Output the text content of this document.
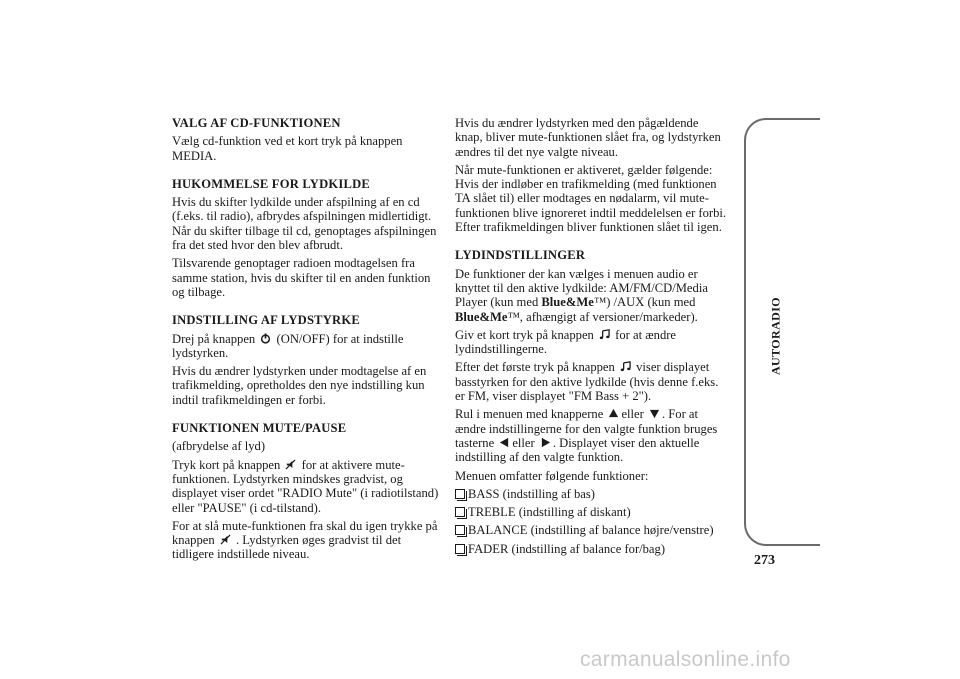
VALG AF CD-FUNKTIONEN
Vælg cd-funktion ved et kort tryk på knappen MEDIA.
HUKOMMELSE FOR LYDKILDE
Hvis du skifter lydkilde under afspilning af en cd (f.eks. til radio), afbrydes afspilningen midlertidigt. Når du skifter tilbage til cd, genoptages afspilningen fra det sted hvor den blev afbrudt.
Tilsvarende genoptager radioen modtagelsen fra samme station, hvis du skifter til en anden funktion og tilbage.
INDSTILLING AF LYDSTYRKE
Drej på knappen (ON/OFF) for at indstille lydstyrken.
Hvis du ændrer lydstyrken under modtagelse af en trafikmelding, opretholdes den nye indstilling kun indtil trafikmeldingen er forbi.
FUNKTIONEN MUTE/PAUSE
(afbrydelse af lyd)
Tryk kort på knappen for at aktivere mute-funktionen. Lydstyrken mindskes gradvist, og displayet viser ordet "RADIO Mute" (i radiotilstand) eller "PAUSE" (i cd-tilstand).
For at slå mute-funktionen fra skal du igen trykke på knappen . Lydstyrken øges gradvist til det tidligere indstillede niveau.
Hvis du ændrer lydstyrken med den pågældende knap, bliver mute-funktionen slået fra, og lydstyrken ændres til det nye valgte niveau.
Når mute-funktionen er aktiveret, gælder følgende: Hvis der indløber en trafikmelding (med funktionen TA slået til) eller modtages en nødalarm, vil mute-funktionen blive ignoreret indtil meddelelsen er forbi. Efter trafikmeldingen bliver funktionen slået til igen.
LYDINDSTILLINGER
De funktioner der kan vælges i menuen audio er knyttet til den aktive lydkilde: AM/FM/CD/Media Player (kun med Blue&Me™) /AUX (kun med Blue&Me™, afhængigt af versioner/markeder).
Giv et kort tryk på knappen for at ændre lydindstillingerne.
Efter det første tryk på knappen viser displayet basstyrken for den aktive lydkilde (hvis denne f.eks. er FM, viser displayet "FM Bass + 2").
Rul i menuen med knapperne eller . For at ændre indstillingerne for den valgte funktion bruges tasterne eller . Displayet viser den aktuelle indstilling af den valgte funktion.
Menuen omfatter følgende funktioner:
BASS (indstilling af bas)
TREBLE (indstilling af diskant)
BALANCE (indstilling af balance højre/venstre)
FADER (indstilling af balance for/bag)
AUTORADIO
273
carmanualsonline.info
